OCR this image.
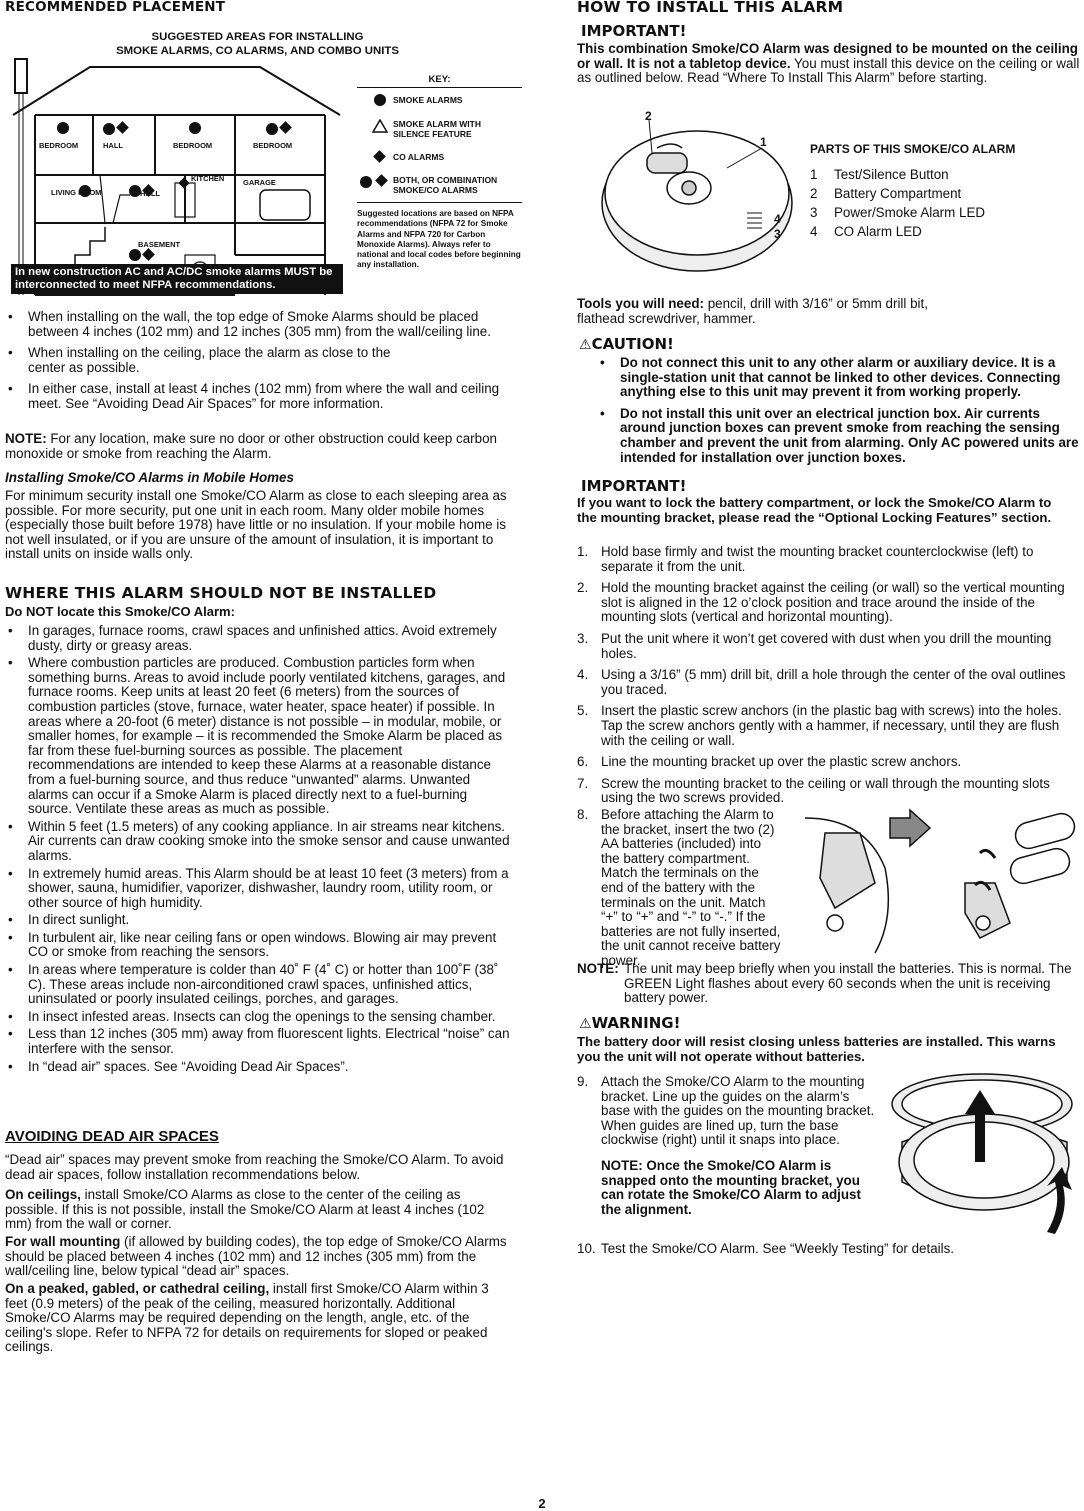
RECOMMENDED PLACEMENT
SUGGESTED AREAS FOR INSTALLING
SMOKE ALARMS, CO ALARMS, AND COMBO UNITS
BEDROOM	HALL	BEDROOM	BEDROOM
LIVING ROOM	HALL
KITCHEN GARAGE
BASEMENT
KEY:
SMOKE ALARMS
SMOKE ALARM WITH SILENCE FEATURE
CO ALARMS
BOTH, OR COMBINATION SMOKE/CO ALARMS
Suggested locations are based on NFPA recommendations (NFPA 72 for Smoke Alarms and NFPA 720 for Carbon Monoxide Alarms). Always refer to national and local codes before beginning any installation.
In new construction AC and AC/DC smoke alarms MUST be interconnected to meet NFPA recommendations.
• When installing on the wall, the top edge of Smoke Alarms should be placed between 4 inches (102 mm) and 12 inches (305 mm) from the wall/ceiling line.
• When installing on the ceiling, place the alarm as close to the center as possible.
• In either case, install at least 4 inches (102 mm) from where the wall and ceiling meet. See “Avoiding Dead Air Spaces” for more information.

NOTE: For any location, make sure no door or other obstruction could keep carbon monoxide or smoke from reaching the Alarm.

Installing Smoke/CO Alarms in Mobile Homes

For minimum security install one Smoke/CO Alarm as close to each sleeping area as possible. For more security, put one unit in each room. Many older mobile homes (especially those built before 1978) have little or no insulation. If your mobile home is not well insulated, or if you are unsure of the amount of insulation, it is important to install units on inside walls only.

WHERE THIS ALARM SHOULD NOT BE INSTALLED

Do NOT locate this Smoke/CO Alarm:

• In garages, furnace rooms, crawl spaces and unfinished attics. Avoid extremely dusty, dirty or greasy areas.
• Where combustion particles are produced. Combustion particles form when something burns. Areas to avoid include poorly ventilated kitchens, garages, and furnace rooms. Keep units at least 20 feet (6 meters) from the sources of combustion particles (stove, furnace, water heater, space heater) if possible. In areas where a 20-foot (6 meter) distance is not possible – in modular, mobile, or smaller homes, for example – it is recommended the Smoke Alarm be placed as far from these fuel-burning sources as possible. The placement recommendations are intended to keep these Alarms at a reasonable distance from a fuel-burning source, and thus reduce “unwanted” alarms. Unwanted alarms can occur if a Smoke Alarm is placed directly next to a fuel-burning source. Ventilate these areas as much as possible.
• Within 5 feet (1.5 meters) of any cooking appliance. In air streams near kitchens. Air currents can draw cooking smoke into the smoke sensor and cause unwanted alarms.
• In extremely humid areas. This Alarm should be at least 10 feet (3 meters) from a shower, sauna, humidifier, vaporizer, dishwasher, laundry room, utility room, or other source of high humidity.
• In direct sunlight.
• In turbulent air, like near ceiling fans or open windows. Blowing air may prevent CO or smoke from reaching the sensors.
• In areas where temperature is colder than 40˚ F (4˚ C) or hotter than 100˚F (38˚ C). These areas include non-airconditioned crawl spaces, unfinished attics, uninsulated or poorly insulated ceilings, porches, and garages.
• In insect infested areas. Insects can clog the openings to the sensing chamber.
• Less than 12 inches (305 mm) away from fluorescent lights. Electrical “noise” can interfere with the sensor.
• In “dead air” spaces. See “Avoiding Dead Air Spaces”.

AVOIDING DEAD AIR SPACES

“Dead air” spaces may prevent smoke from reaching the Smoke/CO Alarm. To avoid dead air spaces, follow installation recommendations below.

On ceilings, install Smoke/CO Alarms as close to the center of the ceiling as possible. If this is not possible, install the Smoke/CO Alarm at least 4 inches (102 mm) from the wall or corner.

For wall mounting (if allowed by building codes), the top edge of Smoke/CO Alarms should be placed between 4 inches (102 mm) and 12 inches (305 mm) from the wall/ceiling line, below typical “dead air” spaces.

On a peaked, gabled, or cathedral ceiling, install first Smoke/CO Alarm within 3 feet (0.9 meters) of the peak of the ceiling, measured horizontally. Additional Smoke/CO Alarms may be required depending on the length, angle, etc. of the ceiling's slope. Refer to NFPA 72 for details on requirements for sloped or peaked ceilings.

HOW TO INSTALL THIS ALARM
IMPORTANT!

This combination Smoke/CO Alarm was designed to be mounted on the ceiling or wall. It is not a tabletop device. You must install this device on the ceiling or wall as outlined below. Read “Where To Install This Alarm” before starting.

2
1
4
3

PARTS OF THIS SMOKE/CO ALARM

1 Test/Silence Button
2 Battery Compartment
3 Power/Smoke Alarm LED
4 CO Alarm LED

Tools you will need: pencil, drill with 3/16” or 5mm drill bit, flathead screwdriver, hammer.

⚠CAUTION!
• Do not connect this unit to any other alarm or auxiliary device. It is a single-station unit that cannot be linked to other devices. Connecting anything else to this unit may prevent it from working properly.
• Do not install this unit over an electrical junction box. Air currents around junction boxes can prevent smoke from reaching the sensing chamber and prevent the unit from alarming. Only AC powered units are intended for installation over junction boxes.
IMPORTANT!

If you want to lock the battery compartment, or lock the Smoke/CO Alarm to the mounting bracket, please read the “Optional Locking Features” section.

1. Hold base firmly and twist the mounting bracket counterclockwise (left) to separate it from the unit.
2. Hold the mounting bracket against the ceiling (or wall) so the vertical mounting slot is aligned in the 12 o’clock position and trace around the inside of the mounting slots (vertical and horizontal mounting).
3. Put the unit where it won’t get covered with dust when you drill the mounting holes.
4. Using a 3/16” (5 mm) drill bit, drill a hole through the center of the oval outlines you traced.
5. Insert the plastic screw anchors (in the plastic bag with screws) into the holes. Tap the screw anchors gently with a hammer, if necessary, until they are flush with the ceiling or wall.
6. Line the mounting bracket up over the plastic screw anchors.
7. Screw the mounting bracket to the ceiling or wall through the mounting slots using the two screws provided.
8. Before attaching the Alarm to the bracket, insert the two (2) AA batteries (included) into the battery compartment. Match the terminals on the end of the battery with the terminals on the unit. Match “+” to “+” and “-” to “-.” If the batteries are not fully inserted, the unit cannot receive battery power.

NOTE: The unit may beep briefly when you install the batteries. This is normal. The GREEN Light flashes about every 60 seconds when the unit is receiving battery power.

⚠WARNING!

The battery door will resist closing unless batteries are installed. This warns you the unit will not operate without batteries.

9. Attach the Smoke/CO Alarm to the mounting bracket. Line up the guides on the alarm’s base with the guides on the mounting bracket. When guides are lined up, turn the base clockwise (right) until it snaps into place.

NOTE: Once the Smoke/CO Alarm is snapped onto the mounting bracket, you can rotate the Smoke/CO Alarm to adjust the alignment.

10. Test the Smoke/CO Alarm. See “Weekly Testing” for details.

2
